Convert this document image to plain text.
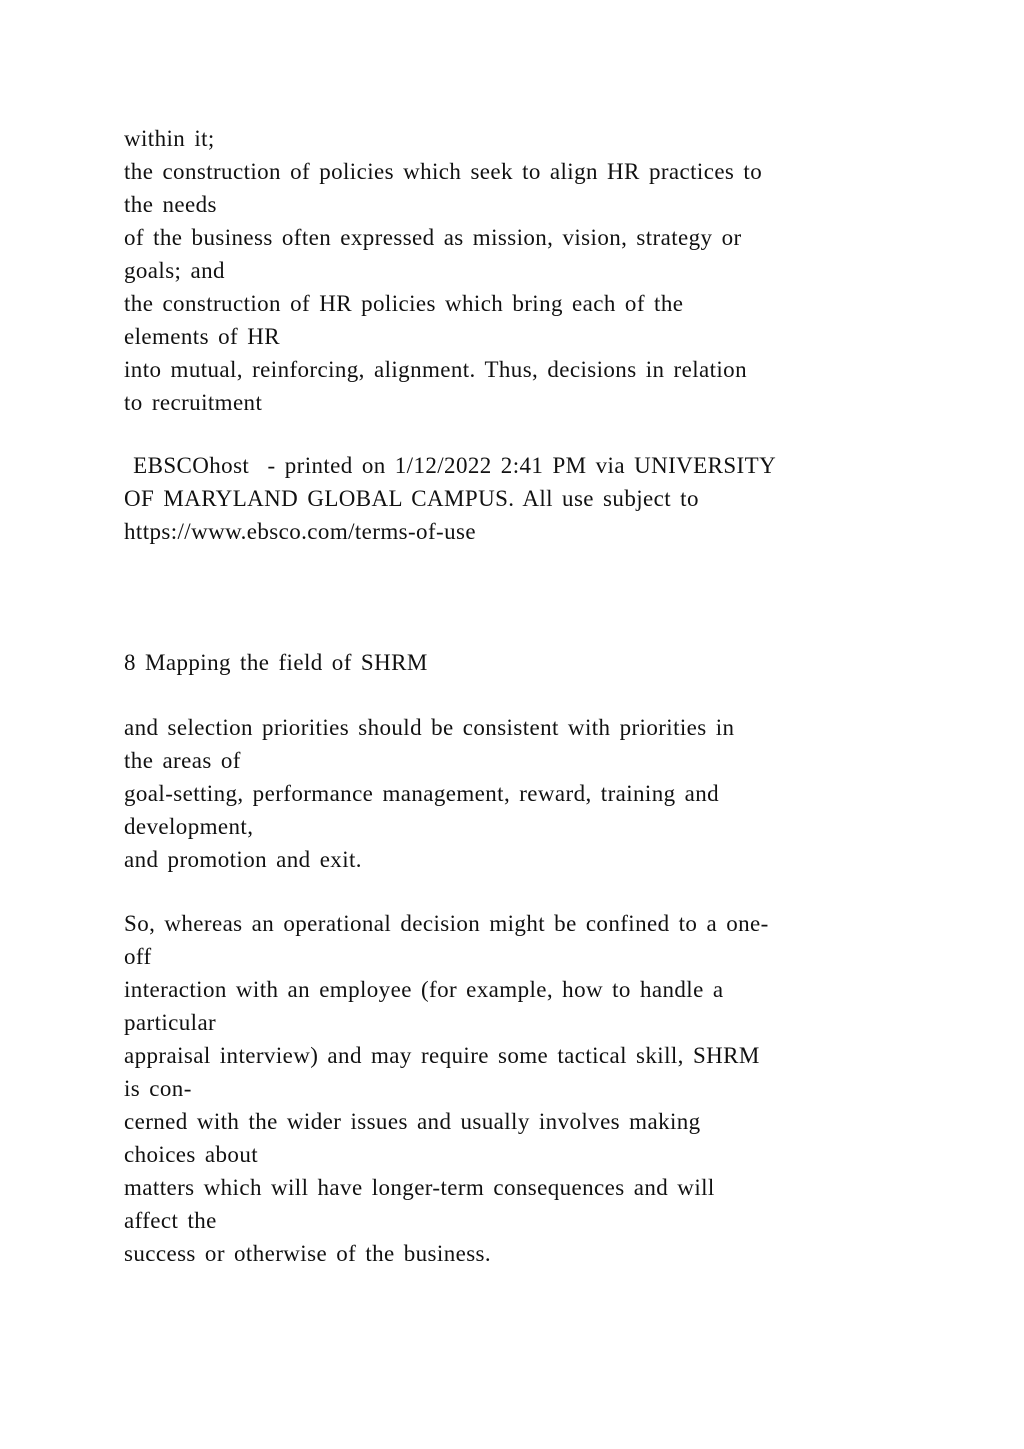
within it;
the construction of policies which seek to align HR practices to
the needs
of the business often expressed as mission, vision, strategy or
goals; and
the construction of HR policies which bring each of the
elements of HR
into mutual, reinforcing, alignment. Thus, decisions in relation
to recruitment
EBSCOhost  - printed on 1/12/2022 2:41 PM via UNIVERSITY
OF MARYLAND GLOBAL CAMPUS. All use subject to
https://www.ebsco.com/terms-of-use
8 Mapping the field of SHRM
and selection priorities should be consistent with priorities in
the areas of
goal-setting, performance management, reward, training and
development,
and promotion and exit.
So, whereas an operational decision might be confined to a one-
off
interaction with an employee (for example, how to handle a
particular
appraisal interview) and may require some tactical skill, SHRM
is con-
cerned with the wider issues and usually involves making
choices about
matters which will have longer-term consequences and will
affect the
success or otherwise of the business.
